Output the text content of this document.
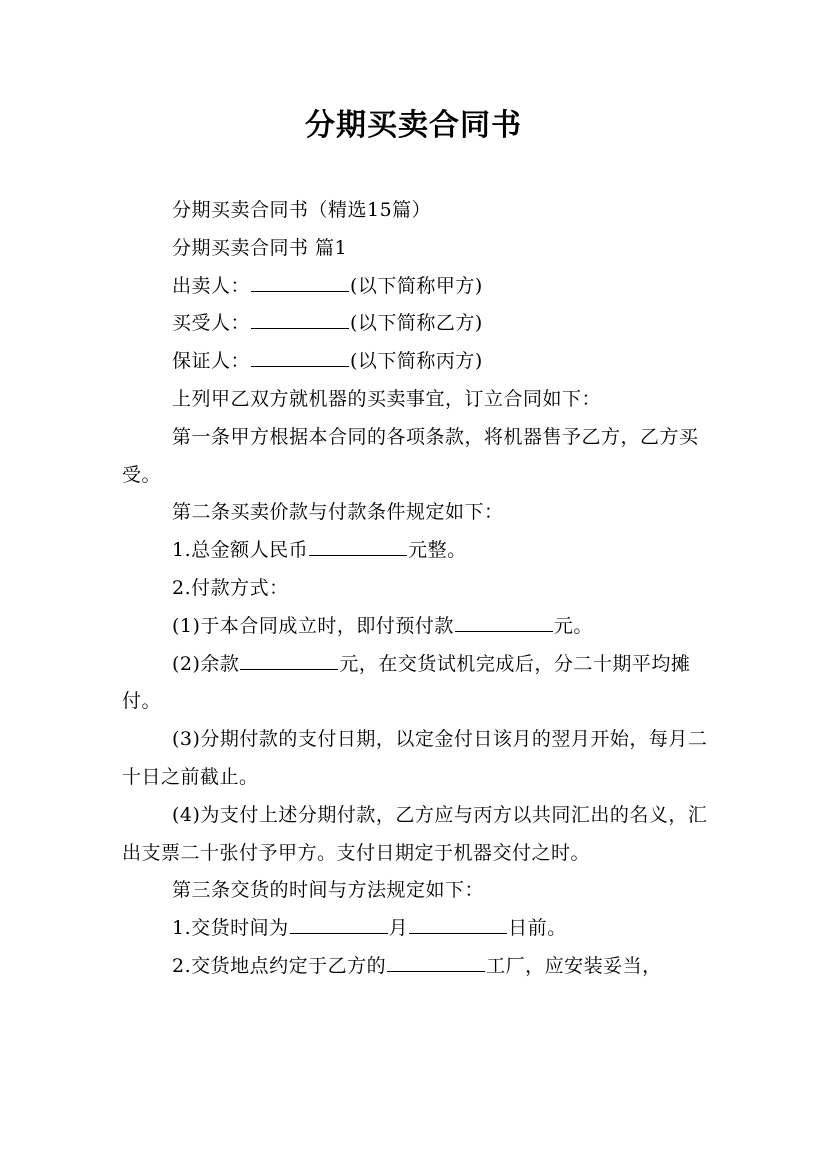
分期买卖合同书

分期买卖合同书（精选15篇）

分期买卖合同书 篇1

出卖人：	(以下简称甲方)

买受人：	(以下简称乙方)

保证人：	(以下简称丙方)

上列甲乙双方就机器的买卖事宜，订立合同如下：

第一条甲方根据本合同的各项条款，将机器售予乙方，乙方买受。

第二条买卖价款与付款条件规定如下：

1.总金额人民币	元整。

2.付款方式：

(1)于本合同成立时，即付预付款	元。

(2)余款	元，在交货试机完成后，分二十期平均摊付。

(3)分期付款的支付日期，以定金付日该月的翌月开始，每月二十日之前截止。

(4)为支付上述分期付款，乙方应与丙方以共同汇出的名义，汇出支票二十张付予甲方。支付日期定于机器交付之时。

第三条交货的时间与方法规定如下：

1.交货时间为	月	日前。

2.交货地点约定于乙方的	工厂，应安装妥当，
